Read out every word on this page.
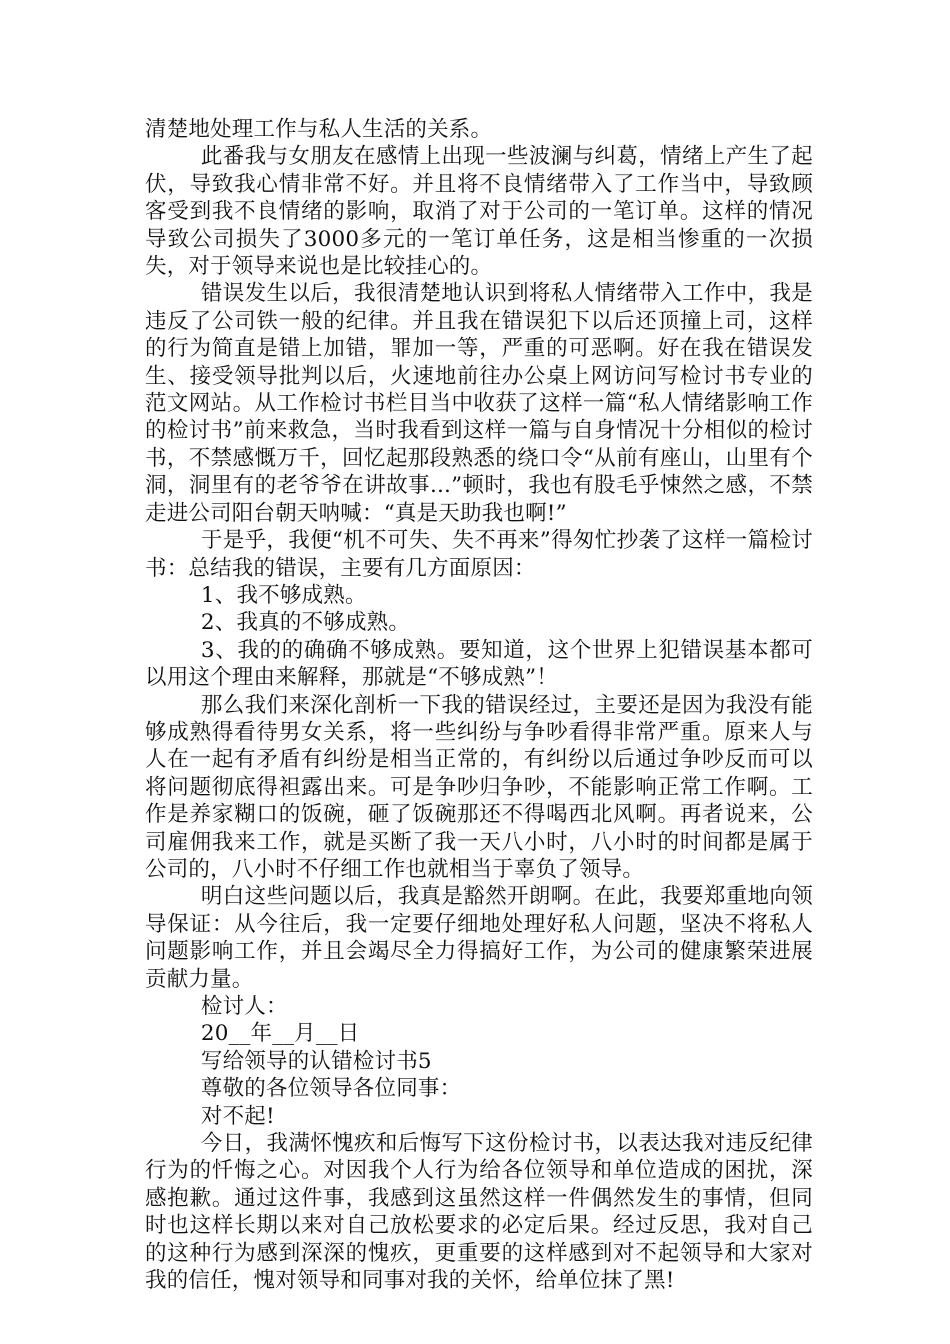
清楚地处理工作与私人生活的关系。

此番我与女朋友在感情上出现一些波澜与纠葛，情绪上产生了起伏，导致我心情非常不好。并且将不良情绪带入了工作当中，导致顾客受到我不良情绪的影响，取消了对于公司的一笔订单。这样的情况导致公司损失了3000多元的一笔订单任务，这是相当惨重的一次损失，对于领导来说也是比较挂心的。

错误发生以后，我很清楚地认识到将私人情绪带入工作中，我是违反了公司铁一般的纪律。并且我在错误犯下以后还顶撞上司，这样的行为简直是错上加错，罪加一等，严重的可恶啊。好在我在错误发生、接受领导批判以后，火速地前往办公桌上网访问写检讨书专业的范文网站。从工作检讨书栏目当中收获了这样一篇“私人情绪影响工作的检讨书”前来救急，当时我看到这样一篇与自身情况十分相似的检讨书，不禁感慨万千，回忆起那段熟悉的绕口令“从前有座山，山里有个洞，洞里有的老爷爷在讲故事...”顿时，我也有股毛乎悚然之感，不禁走进公司阳台朝天呐喊：“真是天助我也啊!”

于是乎，我便“机不可失、失不再来”得匆忙抄袭了这样一篇检讨书：总结我的错误，主要有几方面原因：

1、我不够成熟。

2、我真的不够成熟。

3、我的的确确不够成熟。要知道，这个世界上犯错误基本都可以用这个理由来解释，那就是“不够成熟”！

那么我们来深化剖析一下我的错误经过，主要还是因为我没有能够成熟得看待男女关系，将一些纠纷与争吵看得非常严重。原来人与人在一起有矛盾有纠纷是相当正常的，有纠纷以后通过争吵反而可以将问题彻底得袒露出来。可是争吵归争吵，不能影响正常工作啊。工作是养家糊口的饭碗，砸了饭碗那还不得喝西北风啊。再者说来，公司雇佣我来工作，就是买断了我一天八小时，八小时的时间都是属于公司的，八小时不仔细工作也就相当于辜负了领导。

明白这些问题以后，我真是豁然开朗啊。在此，我要郑重地向领导保证：从今往后，我一定要仔细地处理好私人问题，坚决不将私人问题影响工作，并且会竭尽全力得搞好工作，为公司的健康繁荣进展贡献力量。

检讨人：

20__年__月__日

写给领导的认错检讨书5

尊敬的各位领导各位同事：

对不起!

今日，我满怀愧疚和后悔写下这份检讨书，以表达我对违反纪律行为的忏悔之心。对因我个人行为给各位领导和单位造成的困扰，深感抱歉。通过这件事，我感到这虽然这样一件偶然发生的事情，但同时也这样长期以来对自己放松要求的必定后果。经过反思，我对自己的这种行为感到深深的愧疚，更重要的这样感到对不起领导和大家对我的信任，愧对领导和同事对我的关怀，给单位抹了黑!
